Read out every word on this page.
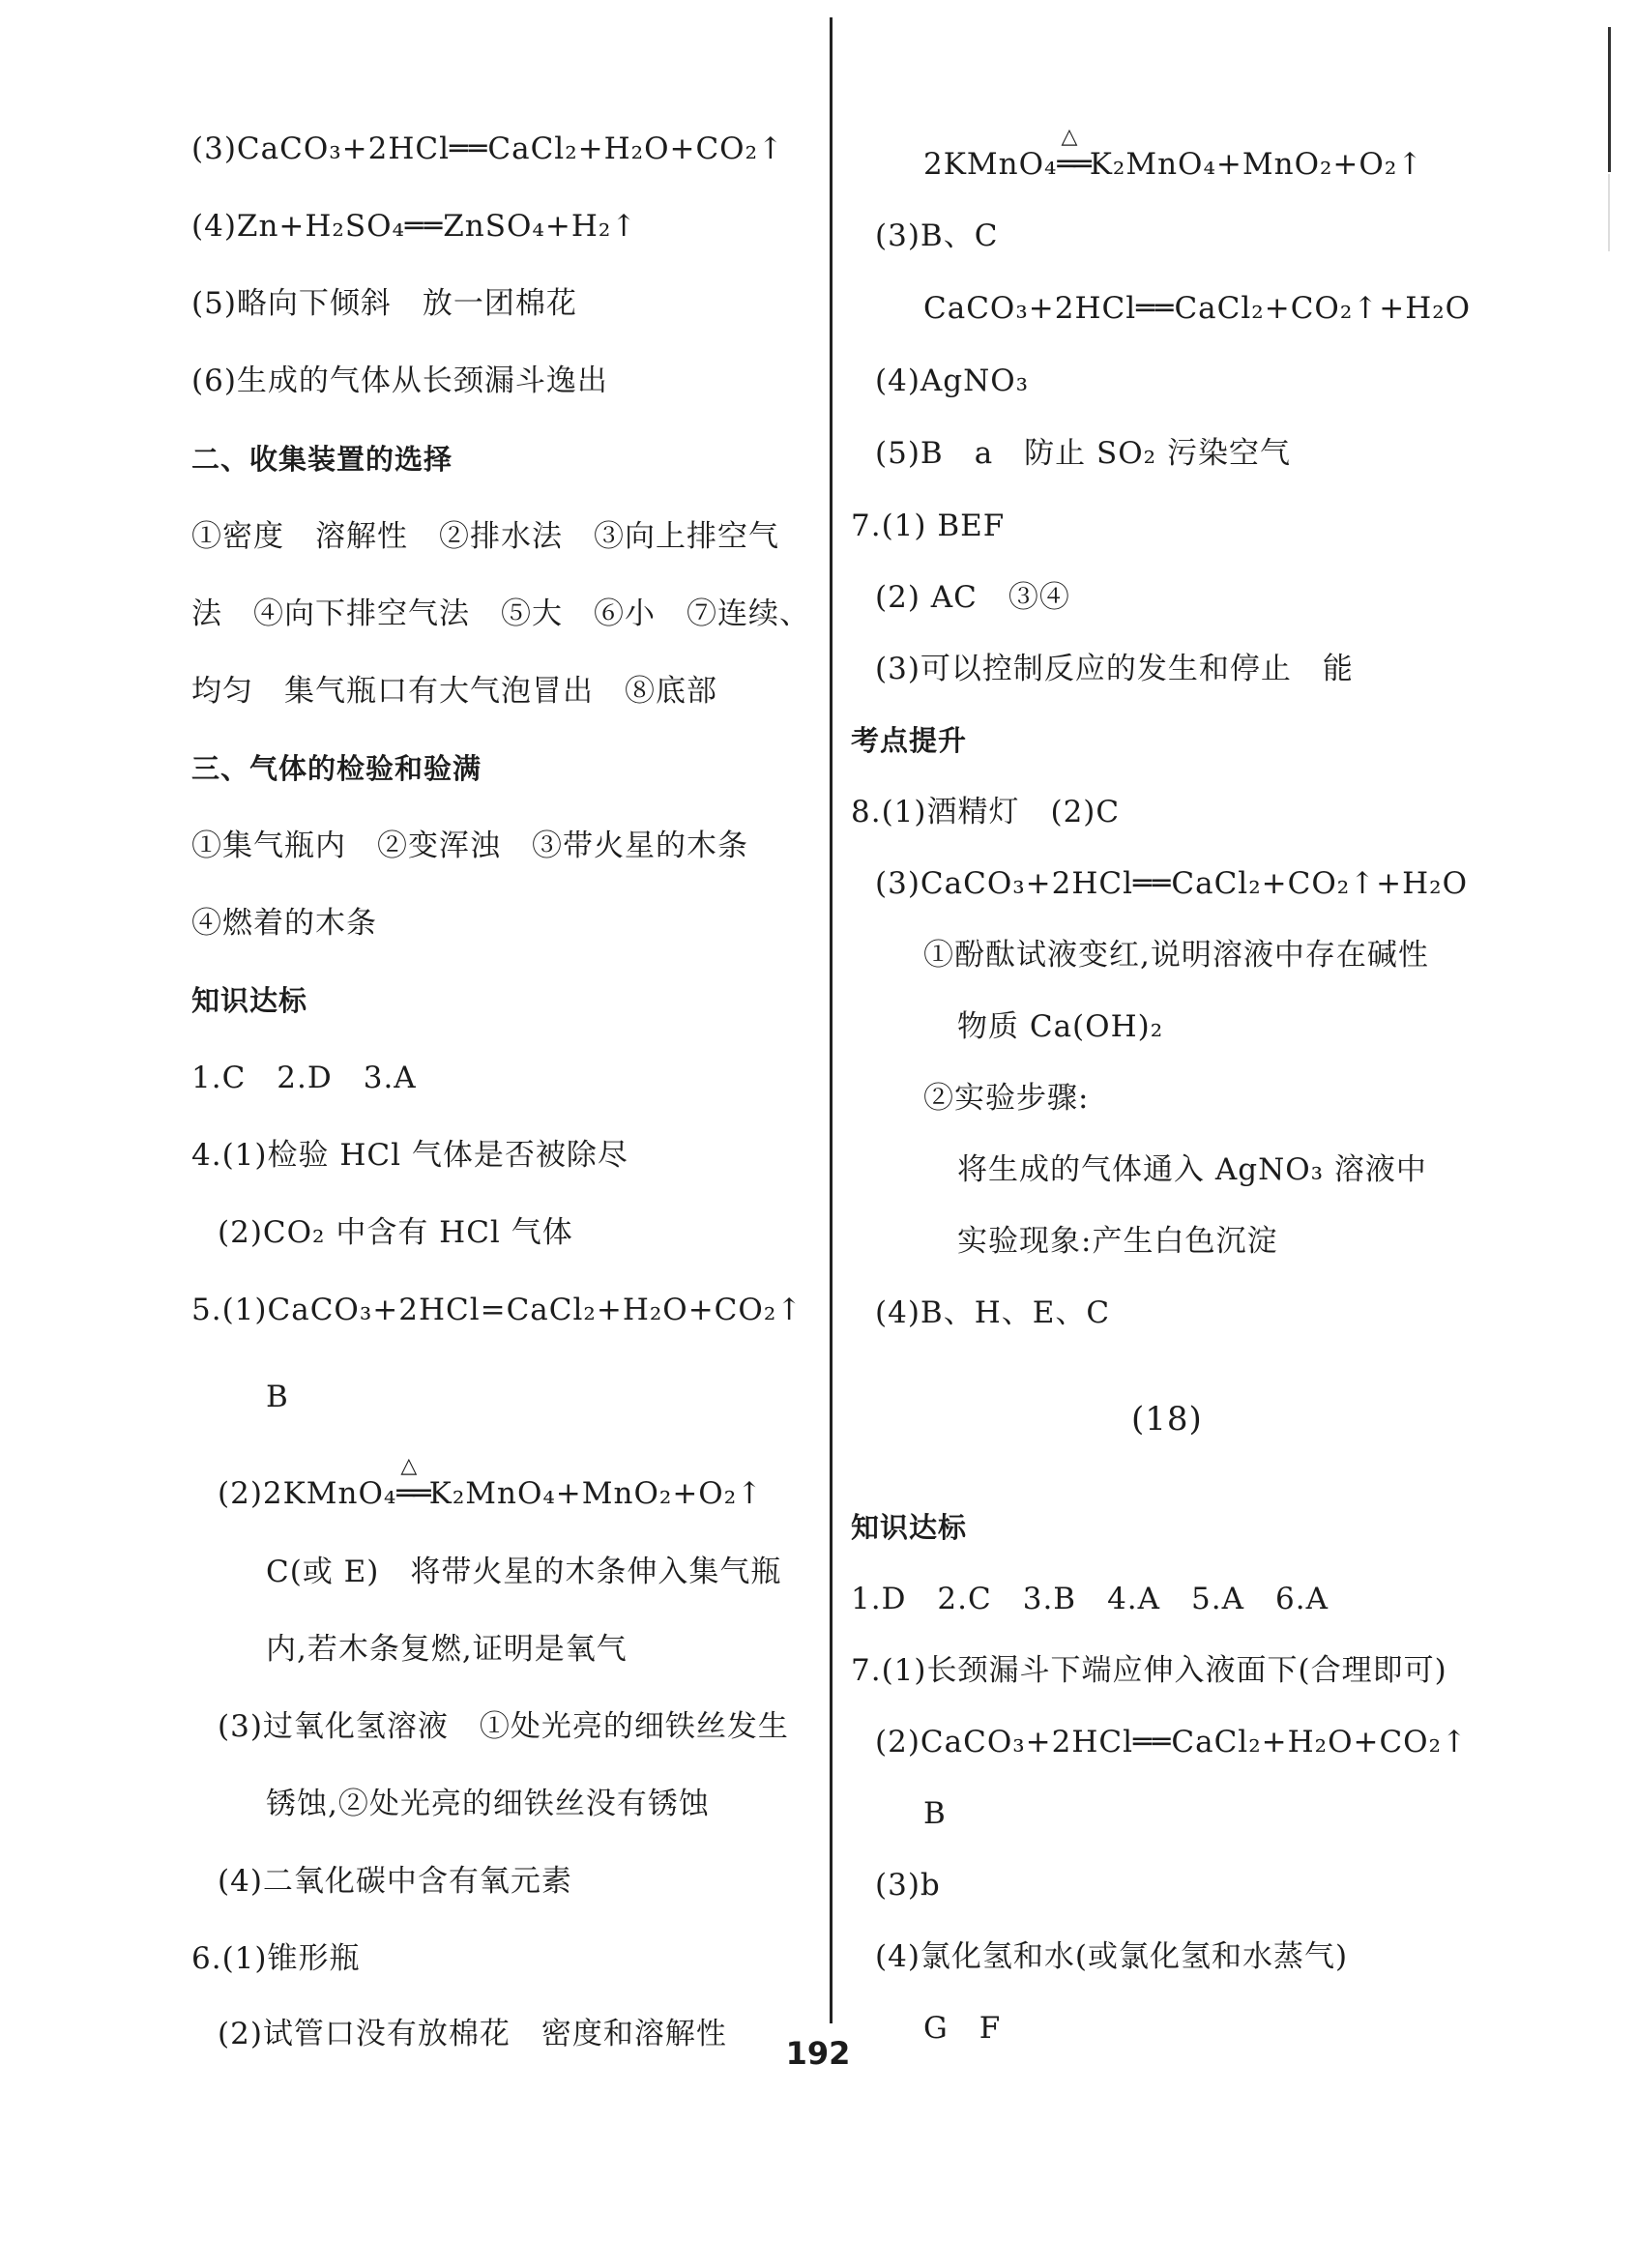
(3)CaCO₃+2HCl══CaCl₂+H₂O+CO₂↑
(4)Zn+H₂SO₄══ZnSO₄+H₂↑
(5)略向下倾斜　放一团棉花
(6)生成的气体从长颈漏斗逸出
二、收集装置的选择
①密度　溶解性　②排水法　③向上排空气
法　④向下排空气法　⑤大　⑥小　⑦连续、
均匀　集气瓶口有大气泡冒出　⑧底部
三、气体的检验和验满
①集气瓶内　②变浑浊　③带火星的木条
④燃着的木条
知识达标
1.C　2.D　3.A
4.(1)检验 HCl 气体是否被除尽
(2)CO₂ 中含有 HCl 气体
5.(1)CaCO₃+2HCl=CaCl₂+H₂O+CO₂↑
B
(2)2KMnO₄
△
══K₂MnO₄+MnO₂+O₂↑
C(或 E)　将带火星的木条伸入集气瓶
内,若木条复燃,证明是氧气
(3)过氧化氢溶液　①处光亮的细铁丝发生
锈蚀,②处光亮的细铁丝没有锈蚀
(4)二氧化碳中含有氧元素
6.(1)锥形瓶
(2)试管口没有放棉花　密度和溶解性
2KMnO₄
△
══K₂MnO₄+MnO₂+O₂↑
(3)B、C
CaCO₃+2HCl══CaCl₂+CO₂↑+H₂O
(4)AgNO₃
(5)B　a　防止 SO₂ 污染空气
7.(1) BEF
(2) AC　③④
(3)可以控制反应的发生和停止　能
考点提升
8.(1)酒精灯　(2)C
(3)CaCO₃+2HCl══CaCl₂+CO₂↑+H₂O
①酚酞试液变红,说明溶液中存在碱性
物质 Ca(OH)₂
②实验步骤:
将生成的气体通入 AgNO₃ 溶液中
实验现象:产生白色沉淀
(4)B、H、E、C
(18)
知识达标
1.D　2.C　3.B　4.A　5.A　6.A
7.(1)长颈漏斗下端应伸入液面下(合理即可)
(2)CaCO₃+2HCl══CaCl₂+H₂O+CO₂↑
B
(3)b
(4)氯化氢和水(或氯化氢和水蒸气)
G　F
192
